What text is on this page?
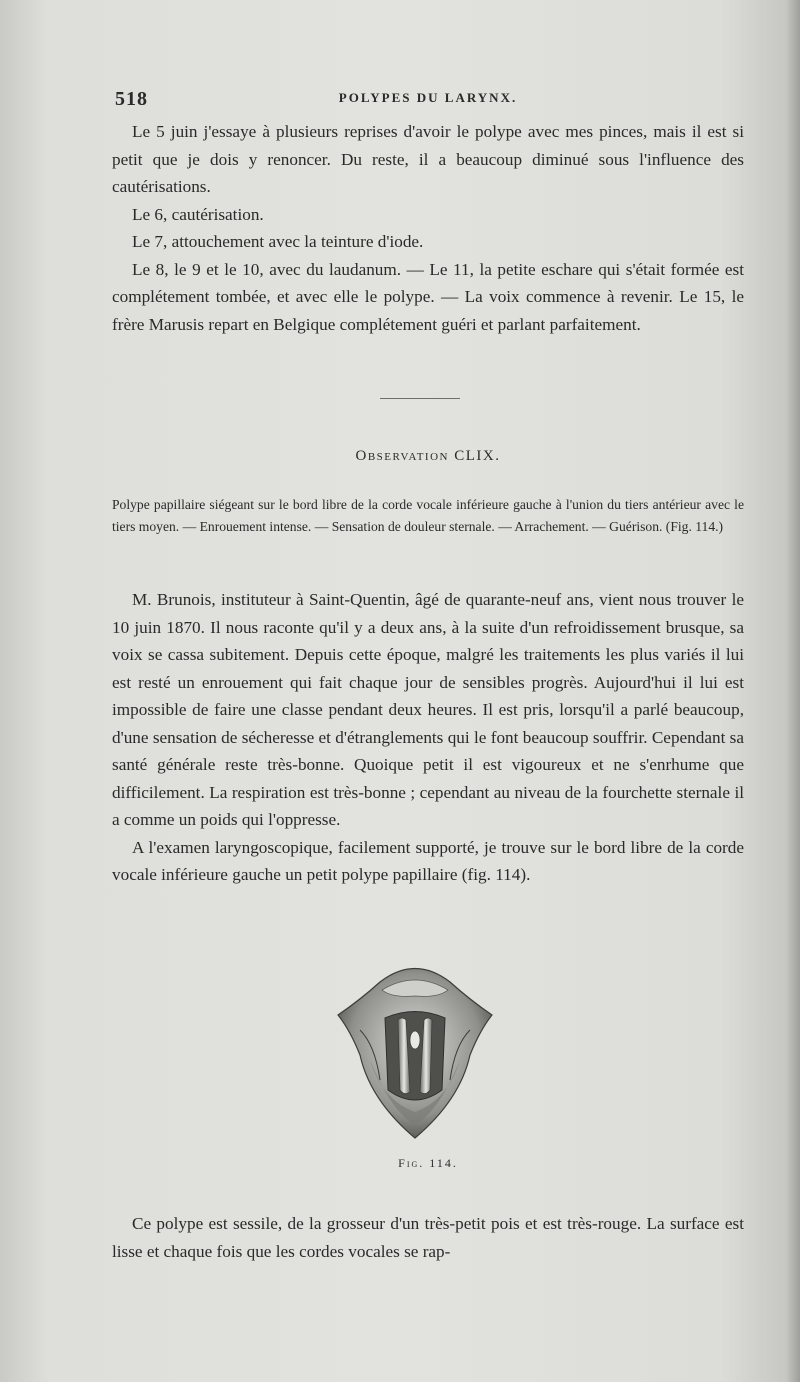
518	POLYPES DU LARYNX.

Le 5 juin j'essaye à plusieurs reprises d'avoir le polype avec mes pinces, mais il est si petit que je dois y renoncer. Du reste, il a beaucoup diminué sous l'influence des cautérisations.

Le 6, cautérisation.

Le 7, attouchement avec la teinture d'iode.

Le 8, le 9 et le 10, avec du laudanum. — Le 11, la petite eschare qui s'était formée est complétement tombée, et avec elle le polype. — La voix commence à revenir. Le 15, le frère Marusis repart en Belgique complétement guéri et parlant parfaitement.

Observation CLIX.
Polype papillaire siégeant sur le bord libre de la corde vocale inférieure gauche à l'union du tiers antérieur avec le tiers moyen. — Enrouement intense. — Sensation de douleur sternale. — Arrachement. — Guérison. (Fig. 114.)

M. Brunois, instituteur à Saint-Quentin, âgé de quarante-neuf ans, vient nous trouver le 10 juin 1870. Il nous raconte qu'il y a deux ans, à la suite d'un refroidissement brusque, sa voix se cassa subitement. Depuis cette époque, malgré les traitements les plus variés il lui est resté un enrouement qui fait chaque jour de sensibles progrès. Aujourd'hui il lui est impossible de faire une classe pendant deux heures. Il est pris, lorsqu'il a parlé beaucoup, d'une sensation de sécheresse et d'étranglements qui le font beaucoup souffrir. Cependant sa santé générale reste très-bonne. Quoique petit il est vigoureux et ne s'enrhume que difficilement. La respiration est très-bonne ; cependant au niveau de la fourchette sternale il a comme un poids qui l'oppresse.

A l'examen laryngoscopique, facilement supporté, je trouve sur le bord libre de la corde vocale inférieure gauche un petit polype papillaire (fig. 114).

Fig. 114.

Ce polype est sessile, de la grosseur d'un très-petit pois et est très-rouge. La surface est lisse et chaque fois que les cordes vocales se rap-
